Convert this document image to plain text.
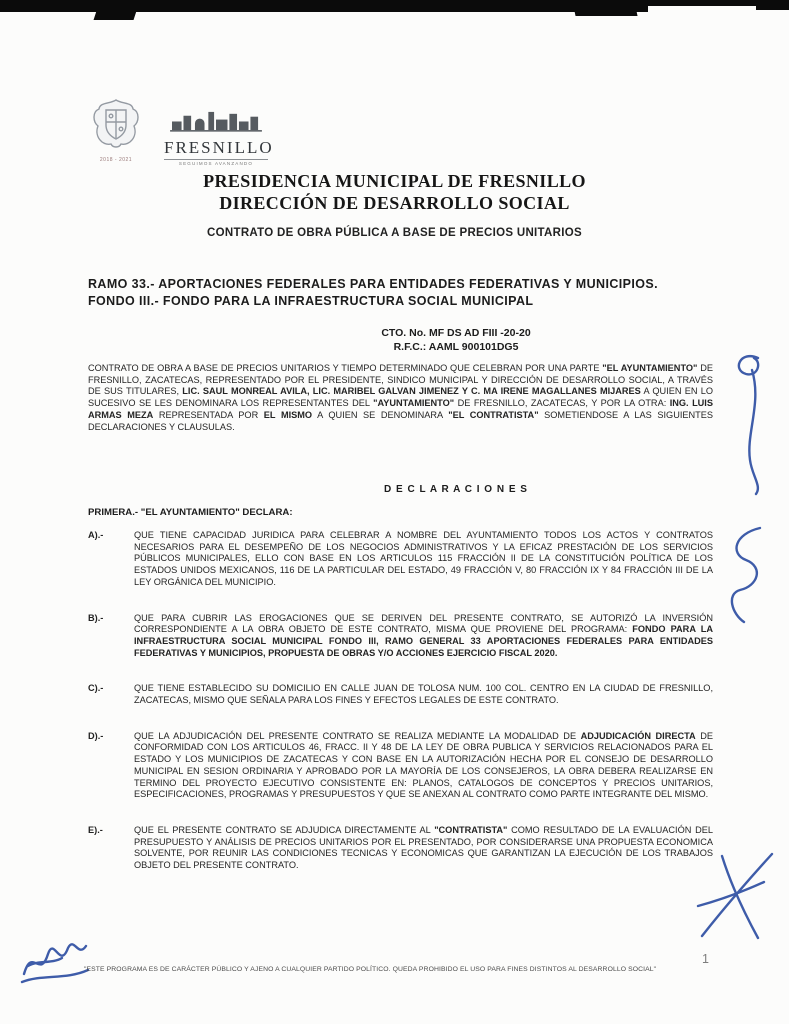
2018 - 2021
FRESNILLO
SEGUIMOS AVANZANDO
PRESIDENCIA MUNICIPAL DE FRESNILLO
DIRECCIÓN DE DESARROLLO SOCIAL
CONTRATO DE OBRA PÚBLICA A BASE DE PRECIOS UNITARIOS
RAMO 33.- APORTACIONES FEDERALES PARA ENTIDADES FEDERATIVAS Y MUNICIPIOS.
FONDO III.- FONDO PARA LA INFRAESTRUCTURA SOCIAL MUNICIPAL
CTO. No. MF DS AD FIII -20-20
R.F.C.: AAML 900101DG5

CONTRATO DE OBRA A BASE DE PRECIOS UNITARIOS Y TIEMPO DETERMINADO QUE CELEBRAN POR UNA PARTE "EL AYUNTAMIENTO" DE FRESNILLO, ZACATECAS, REPRESENTADO POR EL PRESIDENTE, SINDICO MUNICIPAL Y DIRECCIÓN DE DESARROLLO SOCIAL, A TRAVÉS DE SUS TITULARES, LIC. SAUL MONREAL AVILA, LIC. MARIBEL GALVAN JIMENEZ Y C. MA IRENE MAGALLANES MIJARES A QUIEN EN LO SUCESIVO SE LES DENOMINARA LOS REPRESENTANTES DEL "AYUNTAMIENTO" DE FRESNILLO, ZACATECAS, Y POR LA OTRA: ING. LUIS ARMAS MEZA REPRESENTADA POR EL MISMO A QUIEN SE DENOMINARA "EL CONTRATISTA" SOMETIENDOSE A LAS SIGUIENTES DECLARACIONES Y CLAUSULAS.

D E C L A R A C I O N E S
PRIMERA.- "EL AYUNTAMIENTO" DECLARA:
A).-	QUE TIENE CAPACIDAD JURIDICA PARA CELEBRAR A NOMBRE DEL AYUNTAMIENTO TODOS LOS ACTOS Y CONTRATOS NECESARIOS PARA EL DESEMPEÑO DE LOS NEGOCIOS ADMINISTRATIVOS Y LA EFICAZ PRESTACIÓN DE LOS SERVICIOS PÚBLICOS MUNICIPALES, ELLO CON BASE EN LOS ARTICULOS 115 FRACCIÓN II DE LA CONSTITUCIÓN POLÍTICA DE LOS ESTADOS UNIDOS MEXICANOS, 116 DE LA PARTICULAR DEL ESTADO, 49 FRACCIÓN V, 80 FRACCIÓN IX Y 84 FRACCIÓN III DE LA LEY ORGÁNICA DEL MUNICIPIO.
B).-	QUE PARA CUBRIR LAS EROGACIONES QUE SE DERIVEN DEL PRESENTE CONTRATO, SE AUTORIZÓ LA INVERSIÓN CORRESPONDIENTE A LA OBRA OBJETO DE ESTE CONTRATO, MISMA QUE PROVIENE DEL PROGRAMA: FONDO PARA LA INFRAESTRUCTURA SOCIAL MUNICIPAL FONDO III, RAMO GENERAL 33 APORTACIONES FEDERALES PARA ENTIDADES FEDERATIVAS Y MUNICIPIOS, PROPUESTA DE OBRAS Y/O ACCIONES EJERCICIO FISCAL 2020.
C).-	QUE TIENE ESTABLECIDO SU DOMICILIO EN CALLE JUAN DE TOLOSA NUM. 100 COL. CENTRO EN LA CIUDAD DE FRESNILLO, ZACATECAS, MISMO QUE SEÑALA PARA LOS FINES Y EFECTOS LEGALES DE ESTE CONTRATO.
D).-	QUE LA ADJUDICACIÓN DEL PRESENTE CONTRATO SE REALIZA MEDIANTE LA MODALIDAD DE ADJUDICACIÓN DIRECTA DE CONFORMIDAD CON LOS ARTICULOS 46, FRACC. II Y 48 DE LA LEY DE OBRA PUBLICA Y SERVICIOS RELACIONADOS PARA EL ESTADO Y LOS MUNICIPIOS DE ZACATECAS Y CON BASE EN LA AUTORIZACIÓN HECHA POR EL CONSEJO DE DESARROLLO MUNICIPAL EN SESION ORDINARIA Y APROBADO POR LA MAYORÍA DE LOS CONSEJEROS, LA OBRA DEBERA REALIZARSE EN TERMINO DEL PROYECTO EJECUTIVO CONSISTENTE EN: PLANOS, CATALOGOS DE CONCEPTOS Y PRECIOS UNITARIOS, ESPECIFICACIONES, PROGRAMAS Y PRESUPUESTOS Y QUE SE ANEXAN AL CONTRATO COMO PARTE INTEGRANTE DEL MISMO.
E).-	QUE EL PRESENTE CONTRATO SE ADJUDICA DIRECTAMENTE AL "CONTRATISTA" COMO RESULTADO DE LA EVALUACIÓN DEL PRESUPUESTO Y ANÁLISIS DE PRECIOS UNITARIOS POR EL PRESENTADO, POR CONSIDERARSE UNA PROPUESTA ECONOMICA SOLVENTE, POR REUNIR LAS CONDICIONES TECNICAS Y ECONOMICAS QUE GARANTIZAN LA EJECUCIÓN DE LOS TRABAJOS OBJETO DEL PRESENTE CONTRATO.
"ESTE PROGRAMA ES DE CARÁCTER PÚBLICO Y AJENO A CUALQUIER PARTIDO POLÍTICO. QUEDA PROHIBIDO EL USO PARA FINES DISTINTOS AL DESARROLLO SOCIAL"
1
